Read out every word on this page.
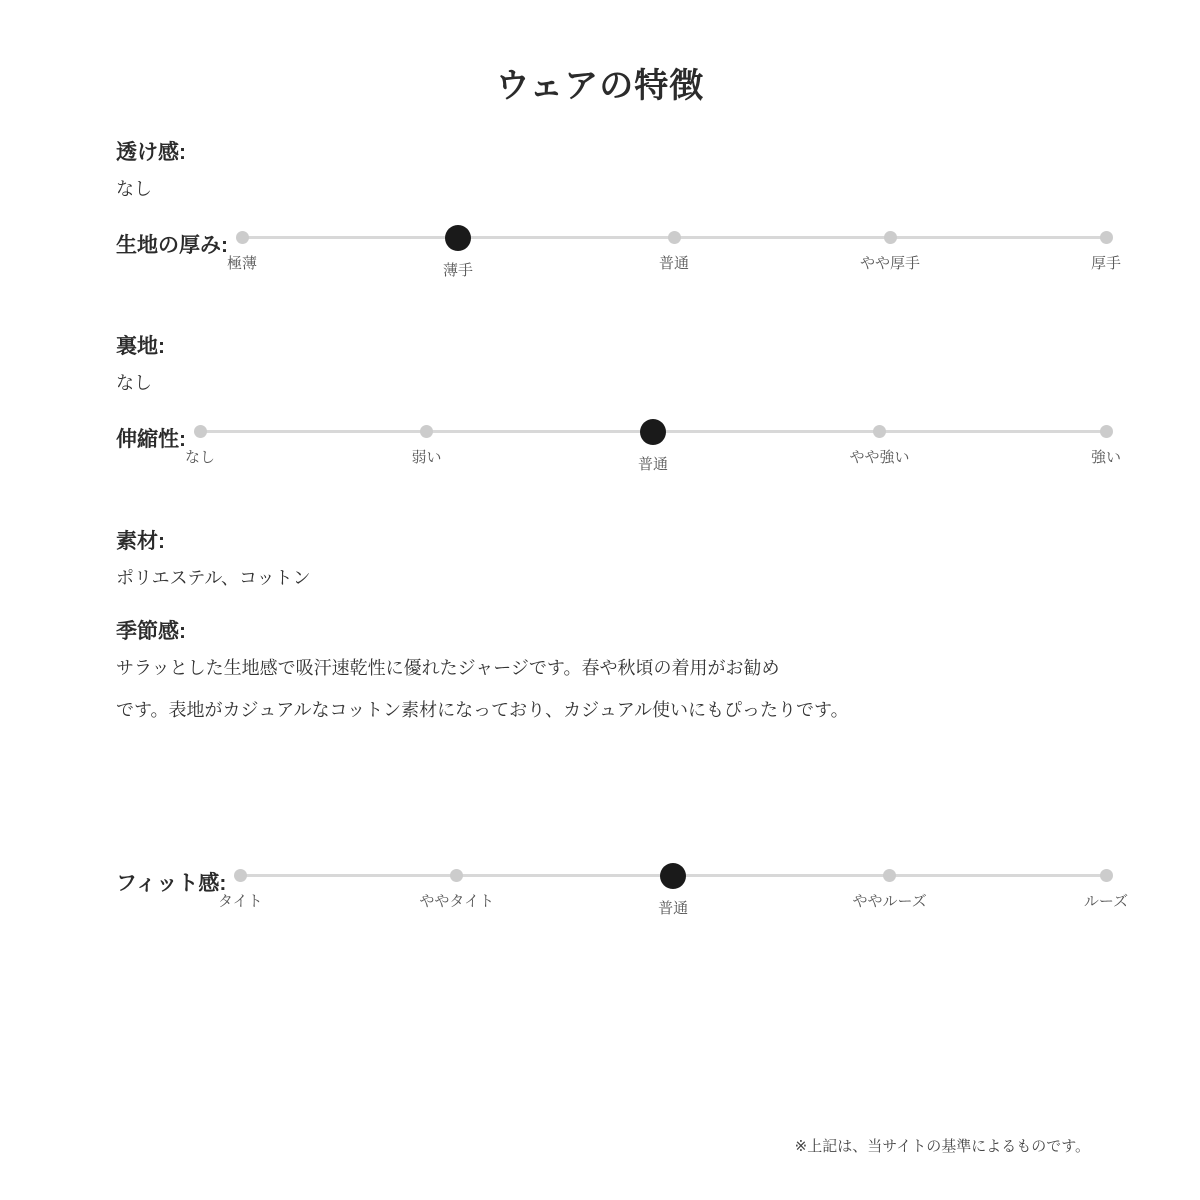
ウェアの特徴
透け感:
なし
生地の厚み:
極薄	薄手	普通	やや厚手	厚手
裏地:
なし
伸縮性:
なし	弱い	普通	やや強い	強い
素材:
ポリエステル、コットン
季節感:
サラッとした生地感で吸汗速乾性に優れたジャージです。春や秋頃の着用がお勧め
です。表地がカジュアルなコットン素材になっており、カジュアル使いにもぴったりです。
フィット感:
タイト	ややタイト	普通	ややルーズ	ルーズ
※上記は、当サイトの基準によるものです。
